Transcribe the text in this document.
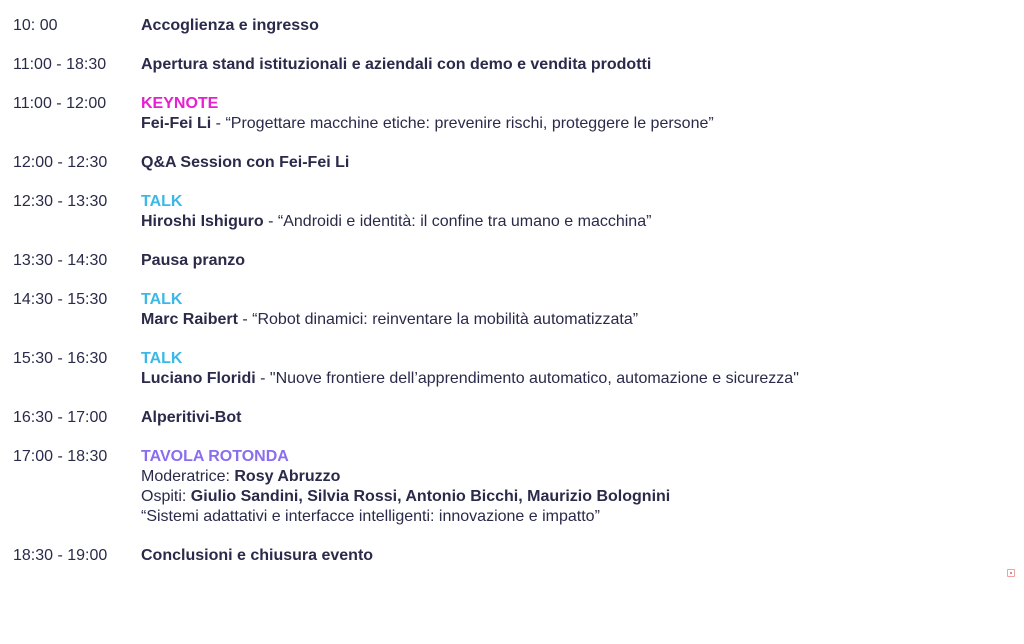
10: 00	Accoglienza e ingresso
11:00 - 18:30	Apertura stand istituzionali e aziendali con demo e vendita prodotti
11:00 - 12:00	KEYNOTE
Fei-Fei Li - “Progettare macchine etiche: prevenire rischi, proteggere le persone”
12:00 - 12:30	Q&A Session con Fei-Fei Li
12:30 - 13:30	TALK
Hiroshi Ishiguro - “Androidi e identità: il confine tra umano e macchina”
13:30 - 14:30	Pausa pranzo
14:30 - 15:30	TALK
Marc Raibert - “Robot dinamici: reinventare la mobilità automatizzata”
15:30 - 16:30	TALK
Luciano Floridi - "Nuove frontiere dell’apprendimento automatico, automazione e sicurezza"
16:30 - 17:00	Alperitivi-Bot
17:00 - 18:30	TAVOLA ROTONDA
Moderatrice: Rosy Abruzzo
Ospiti: Giulio Sandini, Silvia Rossi, Antonio Bicchi, Maurizio Bolognini
“Sistemi adattativi e interfacce intelligenti: innovazione e impatto”
18:30 - 19:00	Conclusioni e chiusura evento
